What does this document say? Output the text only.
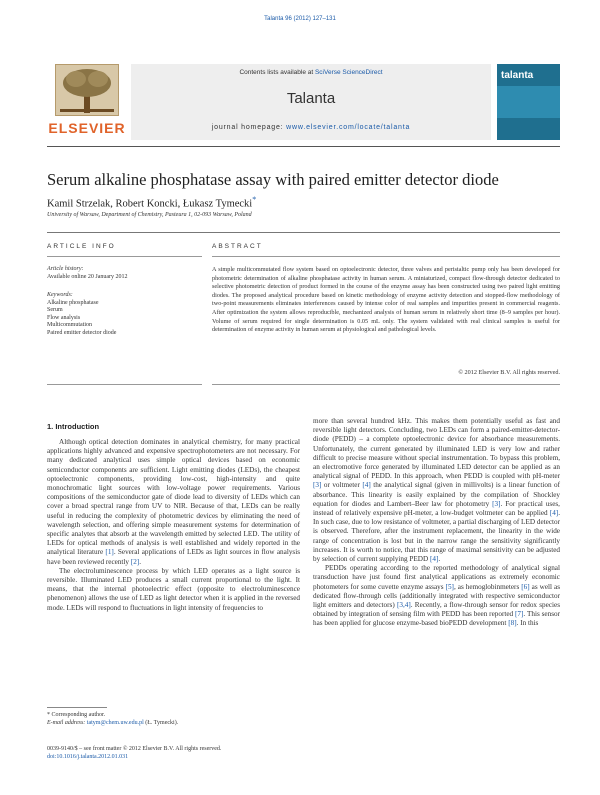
Talanta 96 (2012) 127–131
ELSEVIER
Contents lists available at SciVerse ScienceDirect
Talanta
journal homepage: www.elsevier.com/locate/talanta
talanta
Serum alkaline phosphatase assay with paired emitter detector diode
Kamil Strzelak, Robert Koncki, Łukasz Tymecki*
University of Warsaw, Department of Chemistry, Pasteura 1, 02-093 Warsaw, Poland
ARTICLE INFO	ABSTRACT
Article history:
Available online 20 January 2012
Keywords:
Alkaline phosphatase
Serum
Flow analysis
Multicommutation
Paired emitter detector diode
A simple multicommutated flow system based on optoelectronic detector, three valves and peristaltic pump only has been developed for photometric determination of alkaline phosphatase activity in human serum. A miniaturized, compact flow-through detector dedicated to selective photometric detection of product formed in the course of the enzyme assay has been constructed using two paired light emitting diodes. The proposed analytical procedure based on kinetic methodology of enzyme activity detection and stopped-flow methodology of two-point measurements eliminates interferences caused by intense color of real samples and impurities present in commercial reagents. After optimization the system allows reproducible, mechanized analysis of human serum in relatively short time (8–9 samples per hour). Volume of serum required for single determination is 0.05 mL only. The system validated with real clinical samples is useful for determination of enzyme activity in human serum at physiological and pathological levels.
© 2012 Elsevier B.V. All rights reserved.
1. Introduction

Although optical detection dominates in analytical chemistry, for many practical applications highly advanced and expensive spectrophotometers are not necessary. For many dedicated analytical uses simple optical devices based on economic semiconductor components are sufficient. Light emitting diodes (LEDs), the cheapest optoelectronic components, providing low-cost, high-intensity and quite monochromatic light sources with low-voltage power requirements. Various compositions of the semiconductor gate of diode lead to diversity of LEDs which can cover a broad spectral range from UV to NIR. Because of that, LEDs can be really useful in reducing the complexity of photometric devices by eliminating the need of wavelength selection, and offering simple measurement systems for determination of specific analytes that absorb at the wavelength emitted by selected LED. The utility of LEDs for optical methods of analysis is well established and widely reported in the analytical literature [1]. Several applications of LEDs as light sources in flow analysis have been reviewed recently [2].

The electroluminescence process by which LED operates as a light source is reversible. Illuminated LED produces a small current proportional to the light. It means, that the internal photoelectric effect (opposite to electroluminescence phenomenon) allows the use of LED as light detector when it is applied in the reversed mode. LEDs will respond to fluctuations in light intensity of frequencies to

more than several hundred kHz. This makes them potentially useful as fast and reversible light detectors. Concluding, two LEDs can form a paired-emitter-detector-diode (PEDD) – a complete optoelectronic device for absorbance measurements. Unfortunately, the current generated by illuminated LED is very low and rather difficult to precise measure without special instrumentation. To bypass this problem, an electromotive force generated by illuminated LED detector can be applied as an analytical signal of PEDD. In this approach, when PEDD is coupled with pH-meter [3] or voltmeter [4] the analytical signal (given in millivolts) is a linear function of absorbance. This linearity is easily explained by the compilation of Shockley equation for diodes and Lambert–Beer law for photometry [3]. For practical uses, instead of relatively expensive pH-meter, a low-budget voltmeter can be applied [4]. In such case, due to low resistance of voltmeter, a partial discharging of LED detector is observed. Therefore, after the instrument replacement, the linearity in the wide range of concentration is lost but in the narrow range the sensitivity significantly increases. It is worth to notice, that this range of maximal sensitivity can be adjusted by selection of current supplying PEDD [4].

PEDDs operating according to the reported methodology of analytical signal transduction have just found first analytical applications as extremely economic photometers for some cuvette enzyme assays [5], as hemoglobinmeters [6] as well as dedicated flow-through cells (additionally integrated with respective semiconductor light emitters and detectors) [3,4]. Recently, a flow-through sensor for redox species obtained by integration of sensing film with PEDD has been reported [7]. This sensor has been applied for glucose enzyme-based bioPEDD development [8]. In this

* Corresponding author.
E-mail address: tatym@chem.uw.edu.pl (Ł. Tymecki).
0039-9140/$ – see front matter © 2012 Elsevier B.V. All rights reserved.
doi:10.1016/j.talanta.2012.01.031
